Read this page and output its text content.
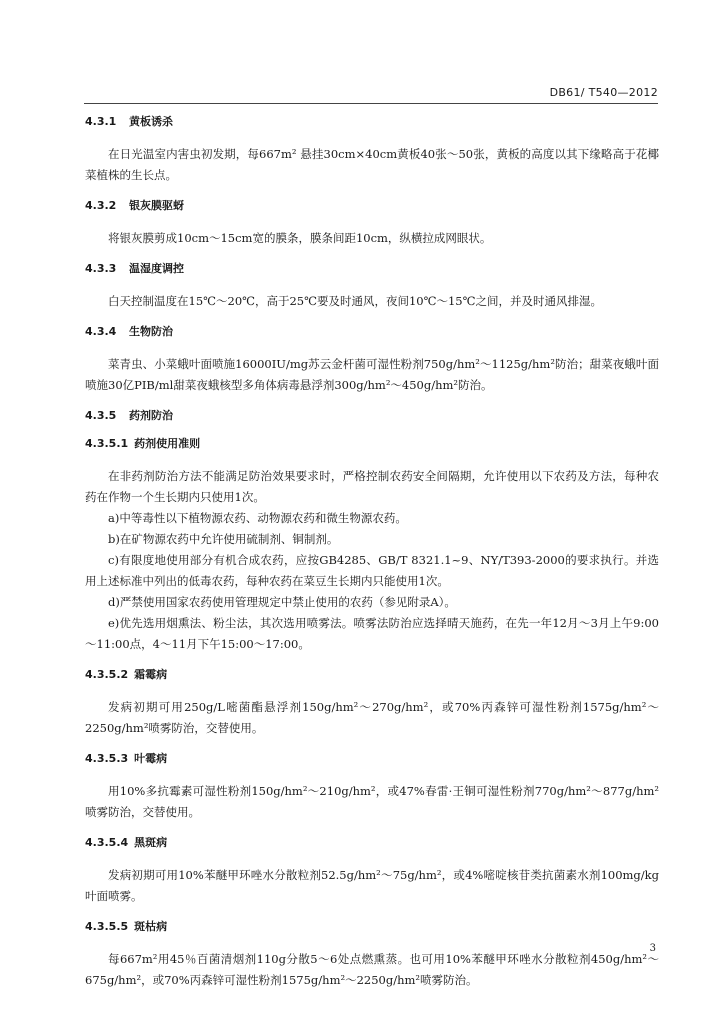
DB61/ T540—2012
4.3.1 黄板诱杀

在日光温室内害虫初发期，每667m² 悬挂30cm×40cm黄板40张～50张，黄板的高度以其下缘略高于花椰菜植株的生长点。

4.3.2 银灰膜驱蚜

将银灰膜剪成10cm～15cm宽的膜条，膜条间距10cm，纵横拉成网眼状。

4.3.3 温湿度调控

白天控制温度在15℃～20℃，高于25℃要及时通风，夜间10℃～15℃之间，并及时通风排湿。

4.3.4 生物防治

菜青虫、小菜蛾叶面喷施16000IU/mg苏云金杆菌可湿性粉剂750g/hm²～1125g/hm²防治；甜菜夜蛾叶面喷施30亿PIB/ml甜菜夜蛾核型多角体病毒悬浮剂300g/hm²～450g/hm²防治。

4.3.5 药剂防治
4.3.5.1 药剂使用准则

在非药剂防治方法不能满足防治效果要求时，严格控制农药安全间隔期，允许使用以下农药及方法，每种农药在作物一个生长期内只使用1次。

a)中等毒性以下植物源农药、动物源农药和微生物源农药。

b)在矿物源农药中允许使用硫制剂、铜制剂。

c)有限度地使用部分有机合成农药，应按GB4285、GB/T 8321.1~9、NY/T393-2000的要求执行。并选用上述标准中列出的低毒农药，每种农药在菜豆生长期内只能使用1次。

d)严禁使用国家农药使用管理规定中禁止使用的农药（参见附录A）。

e)优先选用烟熏法、粉尘法，其次选用喷雾法。喷雾法防治应选择晴天施药，在先一年12月～3月上午9:00～11:00点，4～11月下午15:00～17:00。

4.3.5.2 霜霉病

发病初期可用250g/L嘧菌酯悬浮剂150g/hm²～270g/hm²，或70%丙森锌可湿性粉剂1575g/hm²～2250g/hm²喷雾防治，交替使用。

4.3.5.3 叶霉病

用10%多抗霉素可湿性粉剂150g/hm²～210g/hm²，或47%春雷·王铜可湿性粉剂770g/hm²～877g/hm²喷雾防治，交替使用。

4.3.5.4 黑斑病

发病初期可用10%苯醚甲环唑水分散粒剂52.5g/hm²～75g/hm²，或4%嘧啶核苷类抗菌素水剂100mg/kg叶面喷雾。

4.3.5.5 斑枯病

每667m²用45％百菌清烟剂110g分散5～6处点燃熏蒸。也可用10%苯醚甲环唑水分散粒剂450g/hm²～675g/hm²，或70%丙森锌可湿性粉剂1575g/hm²～2250g/hm²喷雾防治。

3
